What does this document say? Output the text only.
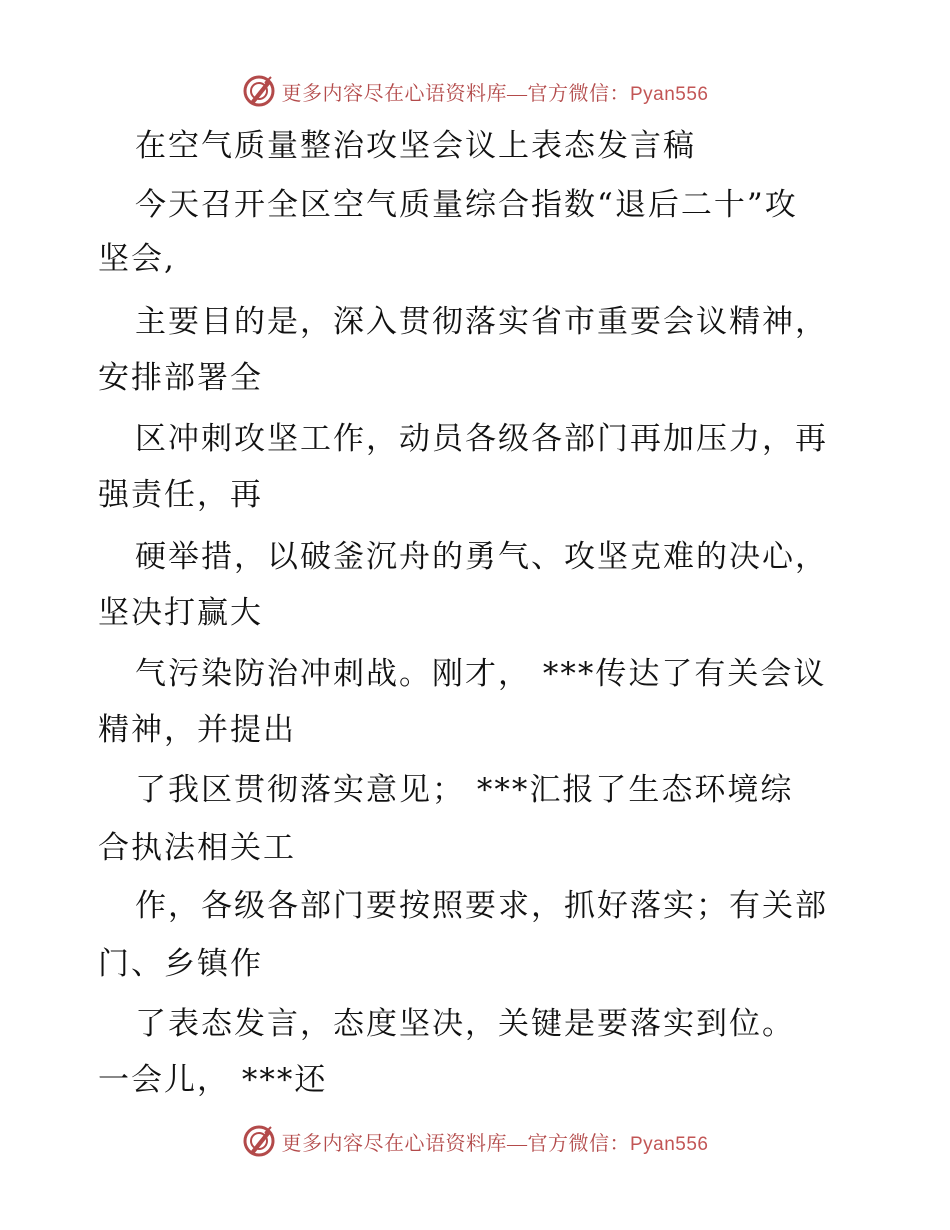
更多内容尽在心语资料库—官方微信：Pyan556
在空气质量整治攻坚会议上表态发言稿
今天召开全区空气质量综合指数“退后二十”攻
坚会,
主要目的是，深入贯彻落实省市重要会议精神，
安排部署全
区冲刺攻坚工作，动员各级各部门再加压力，再
强责任，再
硬举措，以破釜沉舟的勇气、攻坚克难的决心，
坚决打赢大
气污染防治冲刺战。刚才， ***传达了有关会议
精神，并提出
了我区贯彻落实意见； ***汇报了生态环境综
合执法相关工
作，各级各部门要按照要求，抓好落实；有关部
门、乡镇作
了表态发言，态度坚决，关键是要落实到位。
一会儿， ***还
更多内容尽在心语资料库—官方微信：Pyan556
